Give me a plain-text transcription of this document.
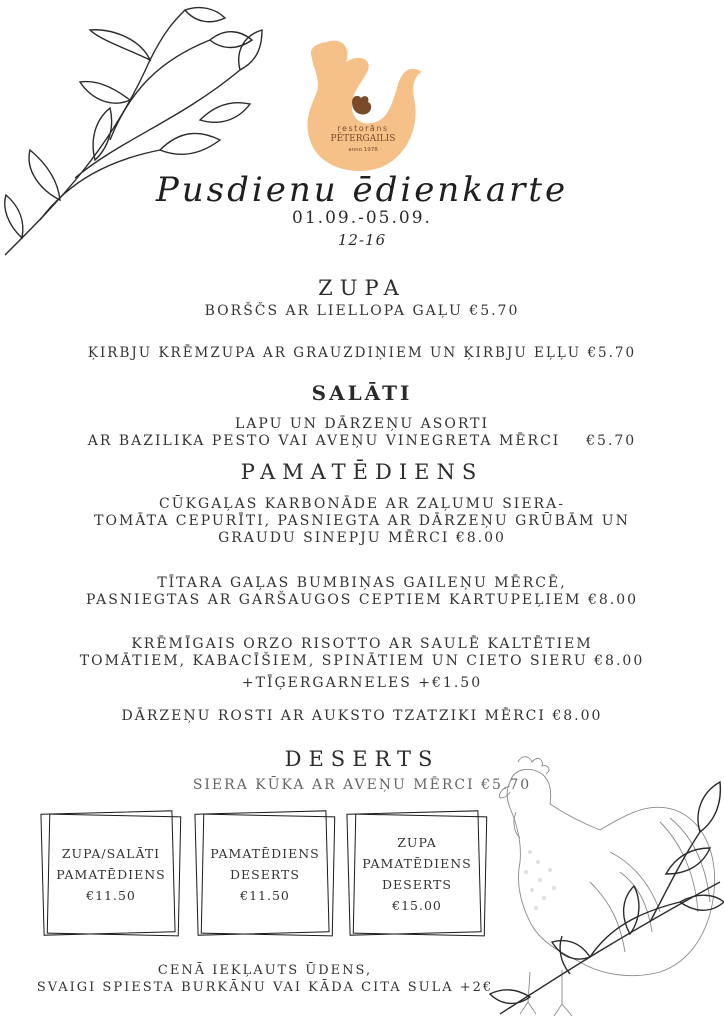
restorāns
PĒTERGAILIS
anno 1978
Pusdienu ēdienkarte
01.09.-05.09.
12-16
ZUPA
BORŠČS AR LIELLOPA GAĻU €5.70
ĶIRBJU KRĒMZUPA AR GRAUZDIŅIEM UN ĶIRBJU EĻĻU €5.70
SALĀTI
LAPU UN DĀRZEŅU ASORTI
AR BAZILIKA PESTO VAI AVEŅU VINEGRETA MĒRCI    €5.70
PAMATĒDIENS
CŪKGAĻAS KARBONĀDE AR ZAĻUMU SIERA-
TOMĀTA CEPURĪTI, PASNIEGTA AR DĀRZEŅU GRŪBĀM UN
GRAUDU SINEPJU MĒRCI €8.00
TĪTARA GAĻAS BUMBIŅAS GAILEŅU MĒRCĒ,
PASNIEGTAS AR GARŠAUGOS CEPTIEM KARTUPEĻIEM €8.00
KRĒMĪGAIS ORZO RISOTTO AR SAULĒ KALTĒTIEM
TOMĀTIEM, KABACĪŠIEM, SPINĀTIEM UN CIETO SIERU €8.00
+TĪĢERGARNELES +€1.50
DĀRZEŅU ROSTI AR AUKSTO TZATZIKI MĒRCI €8.00
DESERTS
SIERA KŪKA AR AVEŅU MĒRCI €5.70
ZUPA/SALĀTI
PAMATĒDIENS
€11.50
PAMATĒDIENS
DESERTS
€11.50
ZUPA
PAMATĒDIENS
DESERTS
€15.00
CENĀ IEKĻAUTS ŪDENS,
SVAIGI SPIESTA BURKĀNU VAI KĀDA CITA SULA +2€
